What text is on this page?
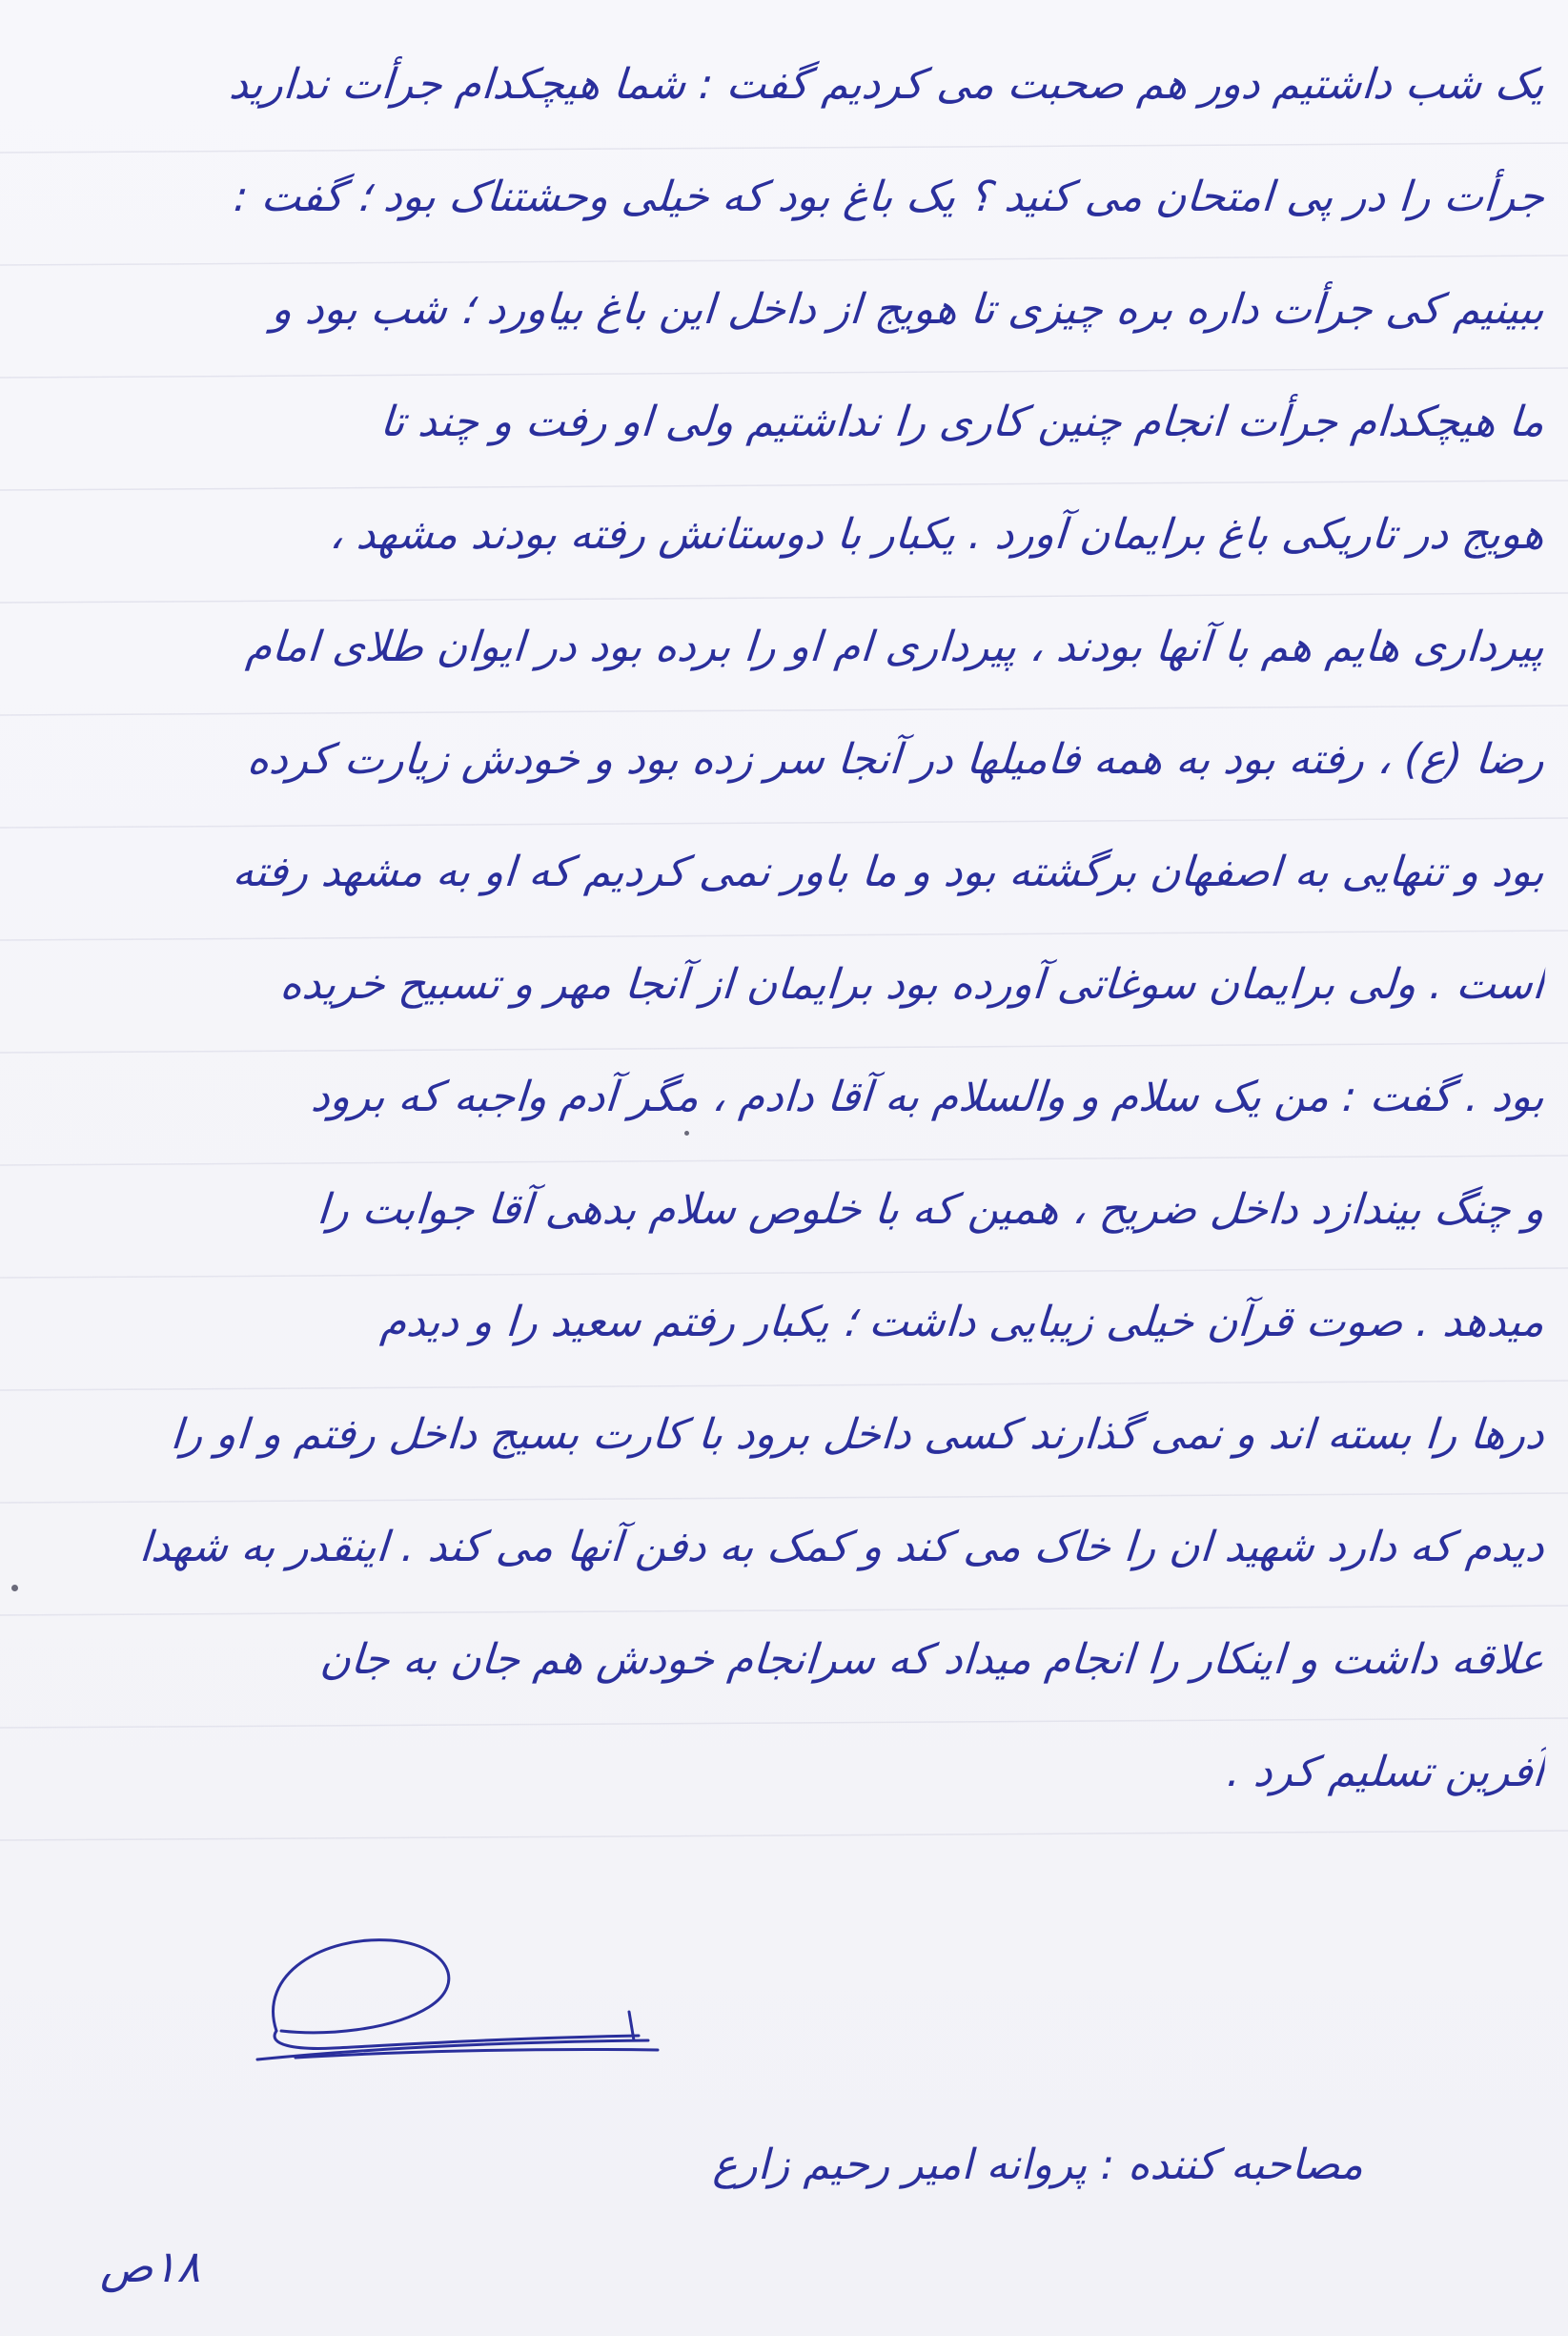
یک شب داشتیم دور هم صحبت می کردیم گفت : شما هیچکدام جرأت ندارید
جرأت را در پی امتحان می کنید ؟ یک باغ بود که خیلی وحشتناک بود ؛ گفت :
ببینیم کی جرأت داره بره چیزی تا هویج از داخل این باغ بیاورد ؛ شب بود و
ما هیچکدام جرأت انجام چنین کاری را نداشتیم ولی او رفت و چند تا
هویج در تاریکی باغ برایمان آورد . یکبار با دوستانش رفته بودند مشهد ،
پیرداری هایم هم با آنها بودند ، پیرداری ام او را برده بود در ایوان طلای امام
رضا (ع) ، رفته بود به همه فامیلها در آنجا سر زده بود و خودش زیارت کرده
بود و تنهایی به اصفهان برگشته بود و ما باور نمی کردیم که او به مشهد رفته
است . ولی برایمان سوغاتی آورده بود برایمان از آنجا مهر و تسبیح خریده
بود . گفت : من یک سلام و والسلام به آقا دادم ، مگر آدم واجبه که برود
و چنگ بیندازد داخل ضریح ، همین که با خلوص سلام بدهی آقا جوابت را
میدهد . صوت قرآن خیلی زیبایی داشت ؛ یکبار رفتم سعید را و دیدم
درها را بسته اند و نمی گذارند کسی داخل برود با کارت بسیج داخل رفتم و او را
دیدم که دارد شهید ان را خاک می کند و کمک به دفن آنها می کند . اینقدر به شهدا
علاقه داشت و اینکار را انجام میداد که سرانجام خودش هم جان به جان
آفرین تسلیم کرد .
مصاحبه کننده : پروانه امیر رحیم زارع
۱۸ص
